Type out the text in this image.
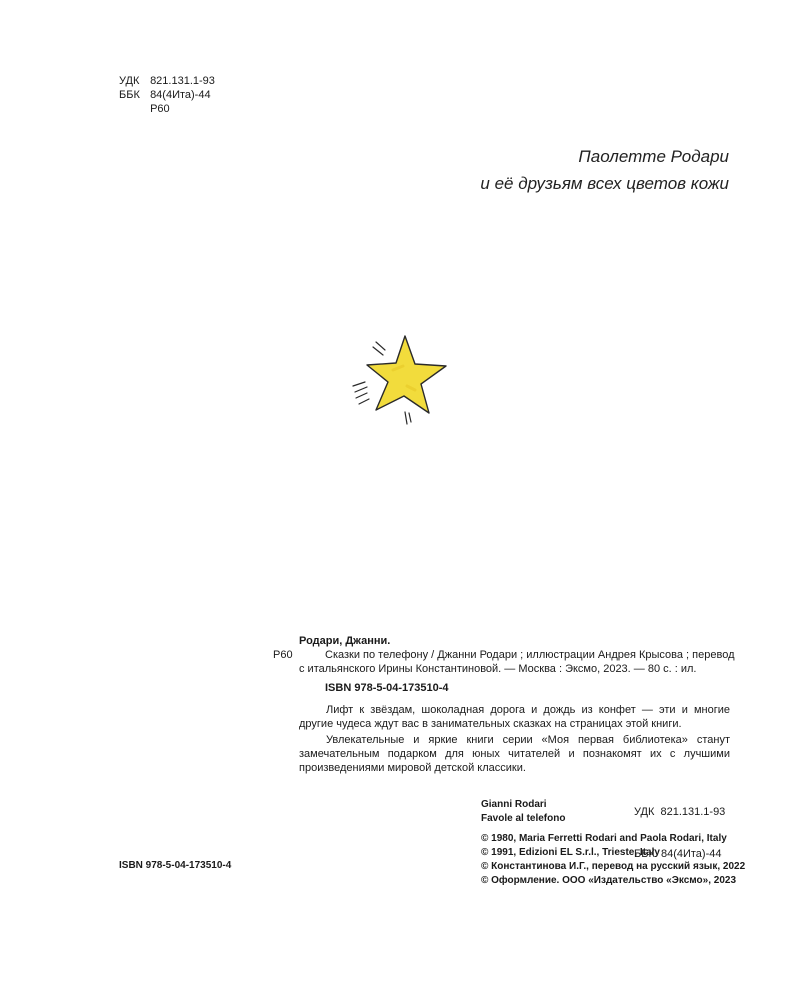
УДК 821.131.1-93
ББК 84(4Ита)-44
Р60
Паолетте Родари
и её друзьям всех цветов кожи

Родари, Джанни.

Р60	Сказки по телефону / Джанни Родари ; иллюстрации Андрея Крысова ; перевод

с итальянского Ирины Константиновой. — Москва : Эксмо, 2023. — 80 с. : ил.

ISBN 978-5-04-173510-4

Лифт к звёздам, шоколадная дорога и дождь из конфет — эти и многие другие чудеса ждут вас в занимательных сказках на страницах этой книги.

Увлекательные и яркие книги серии «Моя первая библиотека» станут замечательным подарком для юных читателей и познакомят их с лучшими произведениями мировой детской классики.

УДК  821.131.1-93

ББК  84(4Ита)-44

ISBN 978-5-04-173510-4

Gianni Rodari

Favole al telefono

© 1980, Maria Ferretti Rodari and Paola Rodari, Italy

© 1991, Edizioni EL S.r.l., Trieste, Italy

© Константинова И.Г., перевод на русский язык, 2022

© Оформление. ООО «Издательство «Эксмо», 2023
